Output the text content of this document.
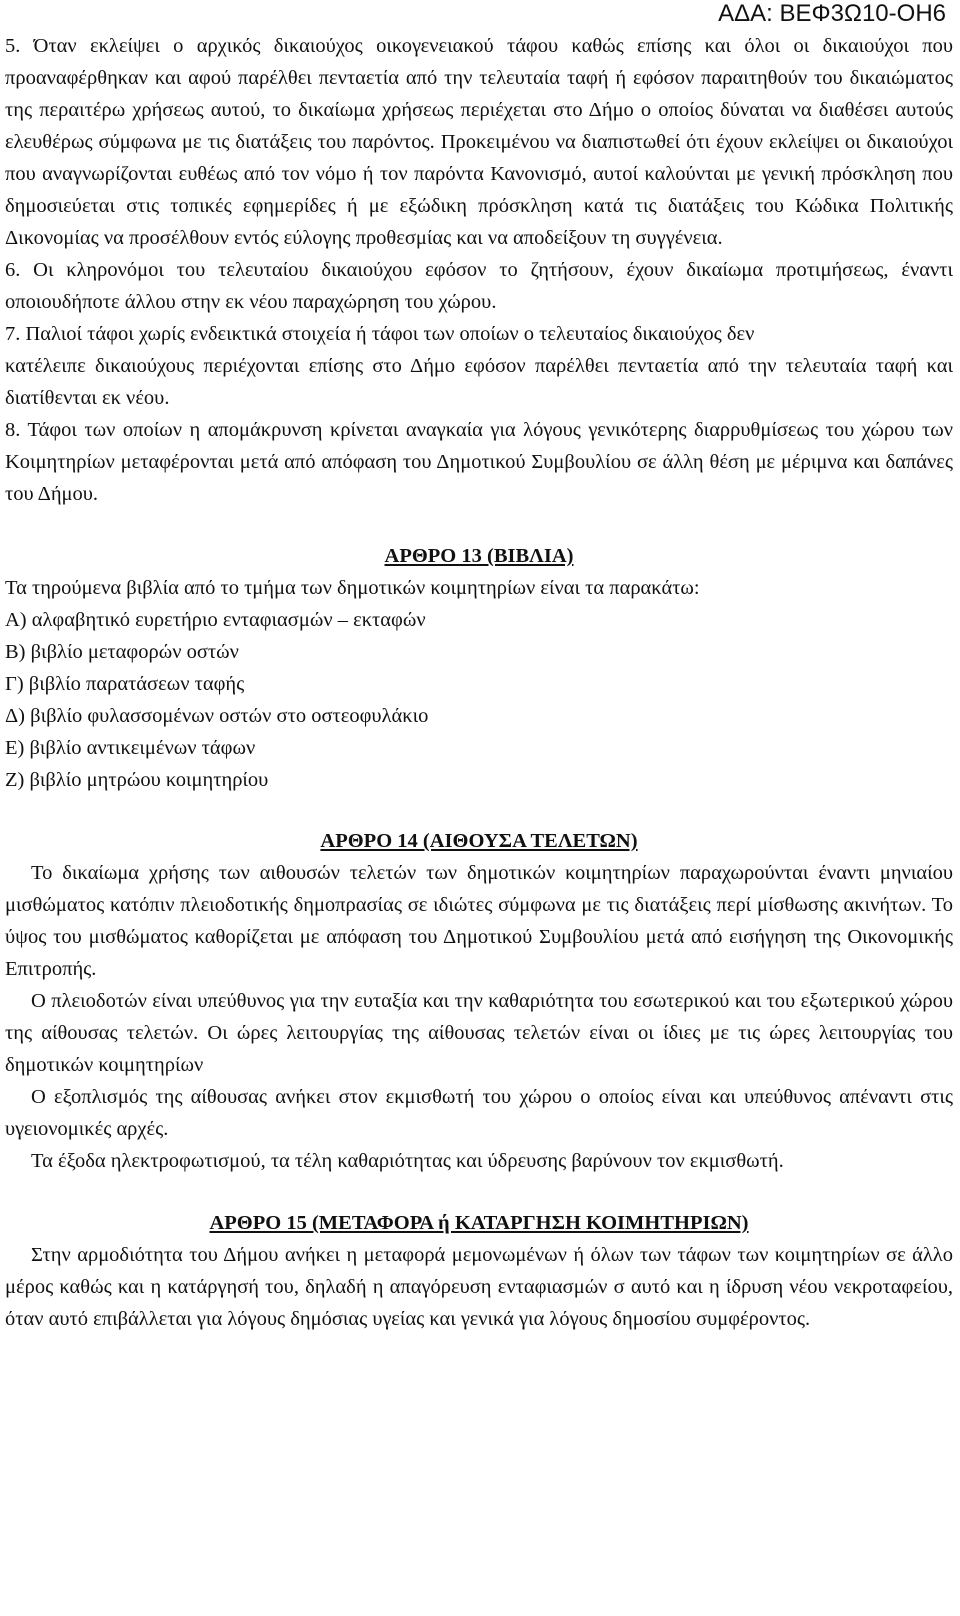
ΑΔΑ: ΒΕΦ3Ω10-ΟΗ6

5. Όταν εκλείψει ο αρχικός δικαιούχος οικογενειακού τάφου καθώς επίσης και όλοι οι δικαιούχοι που προαναφέρθηκαν και αφού παρέλθει πενταετία από την τελευταία ταφή ή εφόσον παραιτηθούν του δικαιώματος της περαιτέρω χρήσεως αυτού, το δικαίωμα χρήσεως περιέχεται στο Δήμο ο οποίος δύναται να διαθέσει αυτούς ελευθέρως σύμφωνα με τις διατάξεις του παρόντος. Προκειμένου να διαπιστωθεί ότι έχουν εκλείψει οι δικαιούχοι που αναγνωρίζονται ευθέως από τον νόμο ή τον παρόντα Κανονισμό, αυτοί καλούνται με γενική πρόσκληση που δημοσιεύεται στις τοπικές εφημερίδες ή με εξώδικη πρόσκληση κατά τις διατάξεις του Κώδικα Πολιτικής Δικονομίας να προσέλθουν εντός εύλογης προθεσμίας και να αποδείξουν τη συγγένεια.

6. Οι κληρονόμοι του τελευταίου δικαιούχου εφόσον το ζητήσουν, έχουν δικαίωμα προτιμήσεως, έναντι οποιουδήποτε άλλου στην εκ νέου παραχώρηση του χώρου.

7. Παλιοί τάφοι χωρίς ενδεικτικά στοιχεία ή τάφοι των οποίων ο τελευταίος δικαιούχος δεν

κατέλειπε δικαιούχους περιέχονται επίσης στο Δήμο εφόσον παρέλθει πενταετία από την τελευταία ταφή και διατίθενται εκ νέου.

8. Τάφοι των οποίων η απομάκρυνση κρίνεται αναγκαία για λόγους γενικότερης διαρρυθμίσεως του χώρου των Κοιμητηρίων μεταφέρονται μετά από απόφαση του Δημοτικού Συμβουλίου σε άλλη θέση με μέριμνα και δαπάνες του Δήμου.

ΑΡΘΡΟ 13 (ΒΙΒΛΙΑ)

Τα τηρούμενα βιβλία από το τμήμα των δημοτικών κοιμητηρίων είναι τα παρακάτω:

Α) αλφαβητικό ευρετήριο ενταφιασμών – εκταφών
Β) βιβλίο μεταφορών οστών
Γ) βιβλίο παρατάσεων ταφής
Δ) βιβλίο φυλασσομένων οστών στο οστεοφυλάκιο
Ε) βιβλίο αντικειμένων τάφων
Ζ) βιβλίο μητρώου κοιμητηρίου
ΑΡΘΡΟ 14 (ΑΙΘΟΥΣΑ ΤΕΛΕΤΩΝ)

Το δικαίωμα χρήσης των αιθουσών τελετών των δημοτικών κοιμητηρίων παραχωρούνται έναντι μηνιαίου μισθώματος κατόπιν πλειοδοτικής δημοπρασίας σε ιδιώτες σύμφωνα με τις διατάξεις περί μίσθωσης ακινήτων. Το ύψος του μισθώματος καθορίζεται με απόφαση του Δημοτικού Συμβουλίου μετά από εισήγηση της Οικονομικής Επιτροπής.

Ο πλειοδοτών είναι υπεύθυνος για την ευταξία και την καθαριότητα του εσωτερικού και του εξωτερικού χώρου της αίθουσας τελετών. Οι ώρες λειτουργίας της αίθουσας τελετών είναι οι ίδιες με τις ώρες λειτουργίας του δημοτικών κοιμητηρίων

Ο εξοπλισμός της αίθουσας ανήκει στον εκμισθωτή του χώρου ο οποίος είναι και υπεύθυνος απέναντι στις υγειονομικές αρχές.

Τα έξοδα ηλεκτροφωτισμού, τα τέλη καθαριότητας και ύδρευσης βαρύνουν τον εκμισθωτή.

ΑΡΘΡΟ 15 (ΜΕΤΑΦΟΡΑ ή ΚΑΤΑΡΓΗΣΗ ΚΟΙΜΗΤΗΡΙΩΝ)

Στην αρμοδιότητα του Δήμου ανήκει η μεταφορά μεμονωμένων ή όλων των τάφων των κοιμητηρίων σε άλλο μέρος καθώς και η κατάργησή του, δηλαδή η απαγόρευση ενταφιασμών σ αυτό και η ίδρυση νέου νεκροταφείου, όταν αυτό επιβάλλεται για λόγους δημόσιας υγείας και γενικά για λόγους δημοσίου συμφέροντος.
